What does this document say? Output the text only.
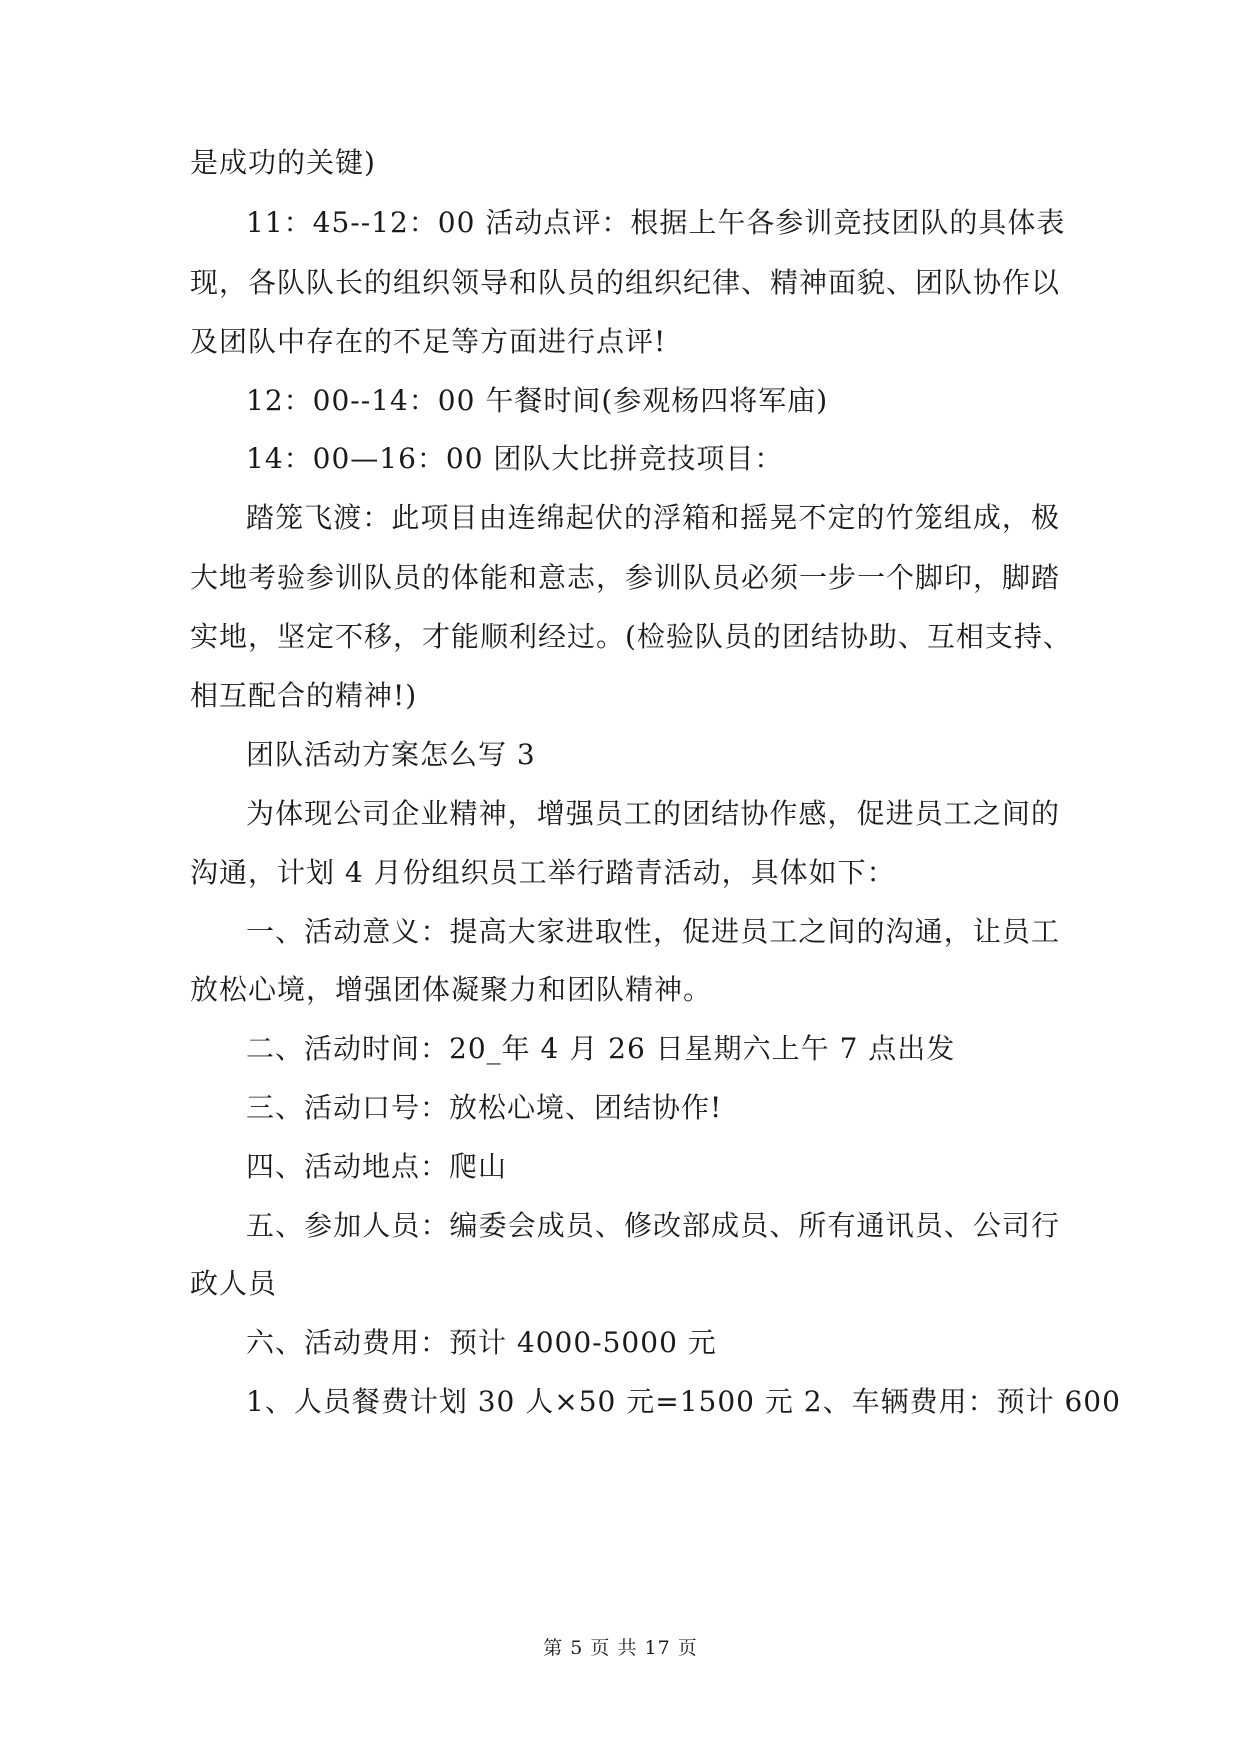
是成功的关键)
11：45--12：00 活动点评：根据上午各参训竞技团队的具体表
现，各队队长的组织领导和队员的组织纪律、精神面貌、团队协作以
及团队中存在的不足等方面进行点评!
12：00--14：00 午餐时间(参观杨四将军庙)
14：00—16：00 团队大比拼竞技项目：
踏笼飞渡：此项目由连绵起伏的浮箱和摇晃不定的竹笼组成，极
大地考验参训队员的体能和意志，参训队员必须一步一个脚印，脚踏
实地，坚定不移，才能顺利经过。(检验队员的团结协助、互相支持、
相互配合的精神!)
团队活动方案怎么写 3
为体现公司企业精神，增强员工的团结协作感，促进员工之间的
沟通，计划 4 月份组织员工举行踏青活动，具体如下：
一、活动意义：提高大家进取性，促进员工之间的沟通，让员工
放松心境，增强团体凝聚力和团队精神。
二、活动时间：20_年 4 月 26 日星期六上午 7 点出发
三、活动口号：放松心境、团结协作!
四、活动地点：爬山
五、参加人员：编委会成员、修改部成员、所有通讯员、公司行
政人员
六、活动费用：预计 4000-5000 元
1、人员餐费计划 30 人×50 元=1500 元 2、车辆费用：预计 600
第 5 页 共 17 页
